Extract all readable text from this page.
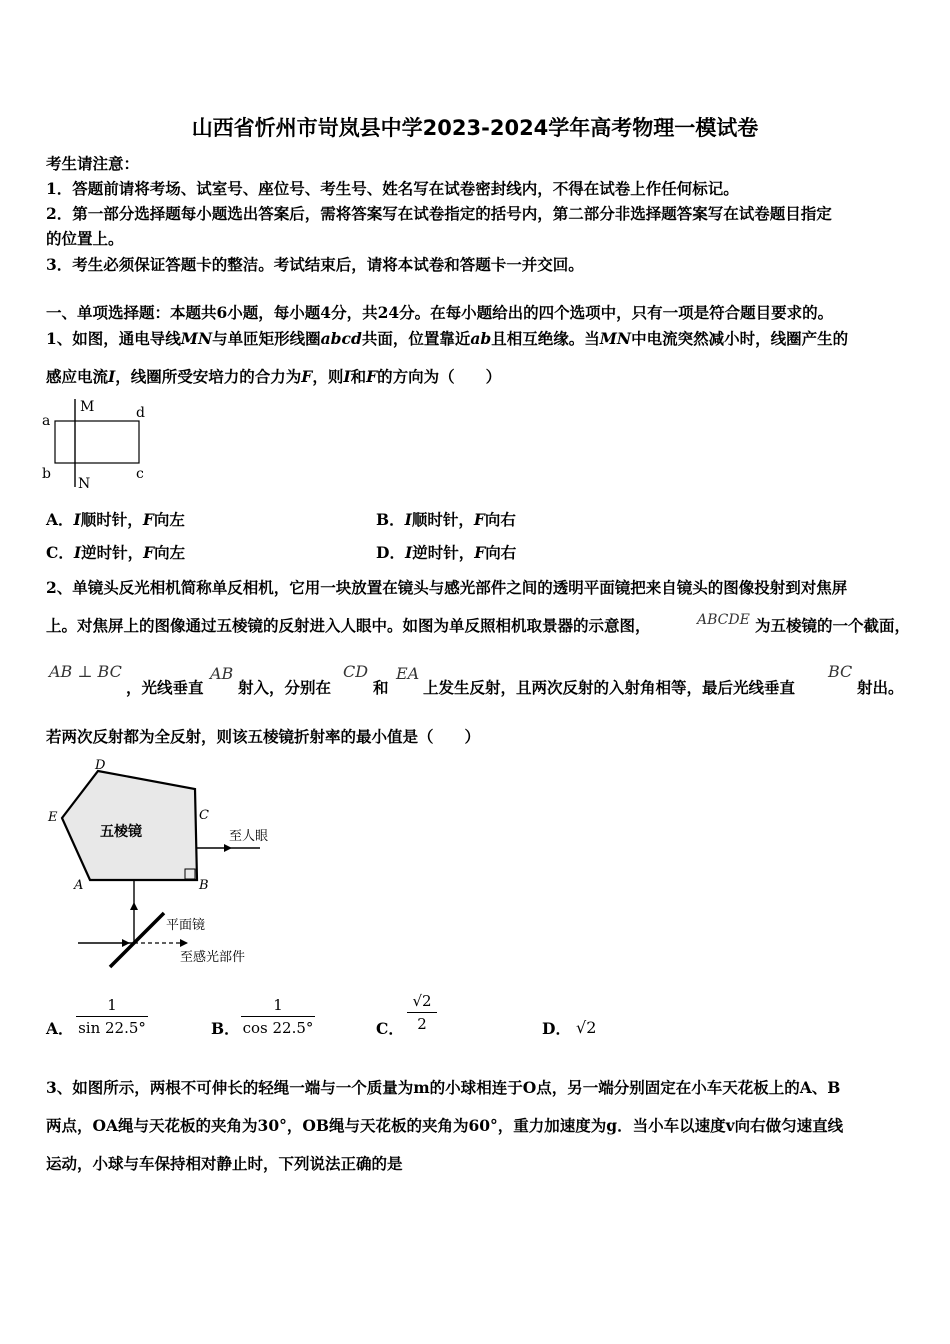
山西省忻州市岢岚县中学2023-2024学年高考物理一模试卷
考生请注意：
1．答题前请将考场、试室号、座位号、考生号、姓名写在试卷密封线内，不得在试卷上作任何标记。
2．第一部分选择题每小题选出答案后，需将答案写在试卷指定的括号内，第二部分非选择题答案写在试卷题目指定
的位置上。
3．考生必须保证答题卡的整洁。考试结束后，请将本试卷和答题卡一并交回。
一、单项选择题：本题共6小题，每小题4分，共24分。在每小题给出的四个选项中，只有一项是符合题目要求的。
1、如图，通电导线MN与单匝矩形线圈abcd共面，位置靠近ab且相互绝缘。当MN中电流突然减小时，线圈产生的
感应电流I，线圈所受安培力的合力为F，则I和F的方向为（　　）
a
b	c
d
M
N
A．I顺时针，F向左	B．I顺时针，F向右
C．I逆时针，F向左	D．I逆时针，F向右
2、单镜头反光相机简称单反相机，它用一块放置在镜头与感光部件之间的透明平面镜把来自镜头的图像投射到对焦屏
上。对焦屏上的图像通过五棱镜的反射进入人眼中。如图为单反照相机取景器的示意图，	ABCDE 为五棱镜的一个截面，
AB ⊥ BC
，光线垂直
AB
射入，分别在
CD
和
EA
上发生反射，且两次反射的入射角相等，最后光线垂直
BC
射出。
若两次反射都为全反射，则该五棱镜折射率的最小值是（　　）
五棱镜
D
E	C
A	B
至人眼
平面镜
至感光部件
A． $\frac{1}{\sin 22.5^\circ}$	B． $\frac{1}{\cos 22.5^\circ}$	C． $\frac{√2}{2}$	D． √2
3、如图所示，两根不可伸长的轻绳一端与一个质量为m的小球相连于O点，另一端分别固定在小车天花板上的A、B
两点，OA绳与天花板的夹角为30°，OB绳与天花板的夹角为60°，重力加速度为g．当小车以速度v向右做匀速直线
运动，小球与车保持相对静止时，下列说法正确的是
